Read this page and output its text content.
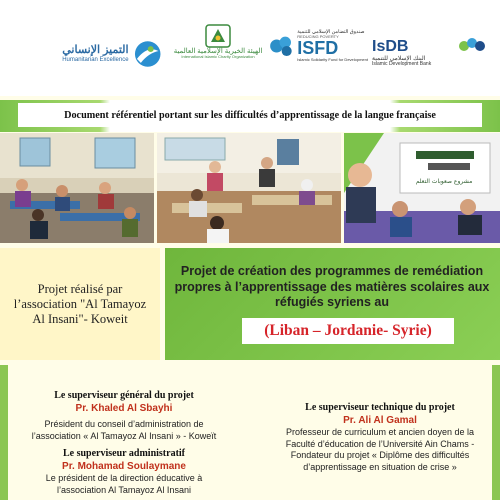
التميز الإنساني
Humanitarian Excellence
الهيئة الخيرية الإسلامية العالمية
International Islamic Charity Organization
صندوق التضامن الإسلامي للتنمية
REDUCING POVERTY
ISFD
Islamic Solidarity Fund for Development
IsDB
البنك الإسلامي للتنمية
Islamic Development Bank
Document référentiel portant sur les difficultés d’apprentissage de la langue française
مشروع صعوبات التعلم
Projet réalisé par l’association "Al Tamayoz Al Insani"- Koweit
Projet de création des programmes de remédiation propres à l’apprentissage des matières scolaires aux réfugiés syriens au
(Liban – Jordanie- Syrie)
Le superviseur général du projet
Pr. Khaled Al Sbayhi
Président du conseil d’administration de l’association « Al Tamayoz Al Insani » - Koweït
Le superviseur administratif
Pr. Mohamad Soulaymane
Le président de la direction éducative à l’association Al Tamayoz Al Insani
Le superviseur technique du projet
Pr. Ali Al Gamal
Professeur de curriculum et ancien doyen de la Faculté d’éducation de l’Université Ain Chams - Fondateur du projet « Diplôme des difficultés d’apprentissage en situation de crise »
